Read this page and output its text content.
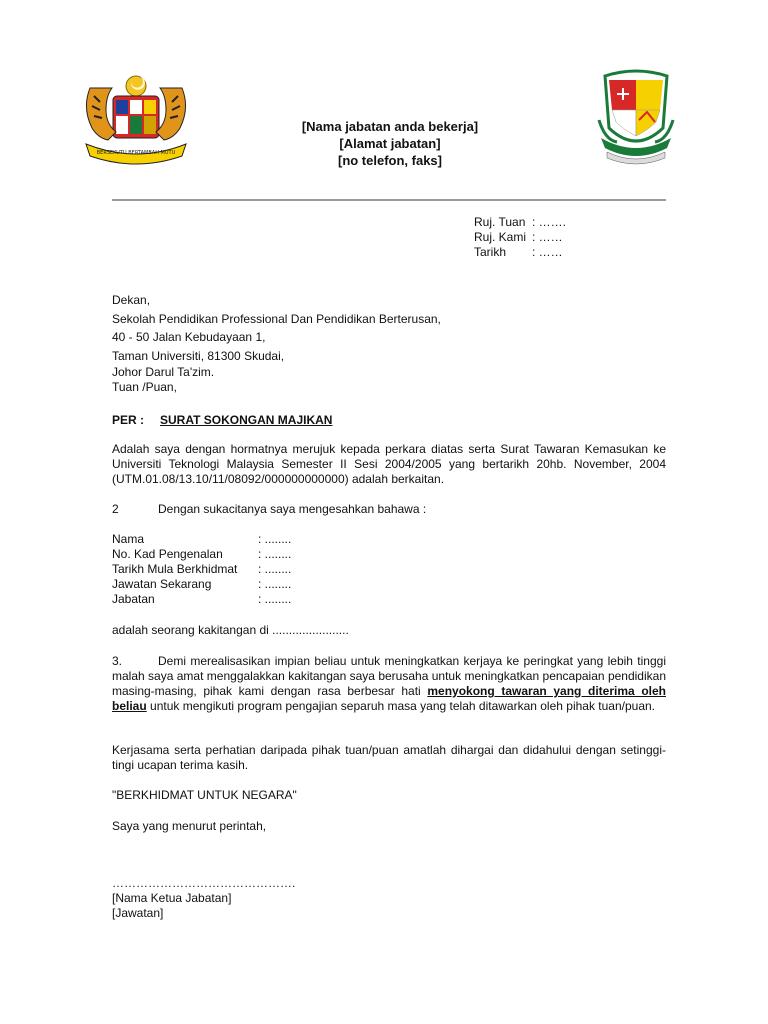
BERSEKUTU BERTAMBAH MUTU
[Nama jabatan anda bekerja]
[Alamat jabatan]
[no telefon, faks]
Ruj. Tuan : …….
Ruj. Kami : ……
Tarikh	: ……
Dekan,
Sekolah Pendidikan Professional Dan Pendidikan Berterusan,
40 - 50 Jalan Kebudayaan 1,
Taman Universiti, 81300 Skudai,
Johor Darul Ta'zim.
Tuan /Puan,
PER : SURAT SOKONGAN MAJIKAN
Adalah saya dengan hormatnya merujuk kepada perkara diatas serta Surat Tawaran Kemasukan ke Universiti Teknologi Malaysia Semester II Sesi 2004/2005 yang bertarikh 20hb. November, 2004 (UTM.01.08/13.10/11/08092/000000000000) adalah berkaitan.
2	Dengan sukacitanya saya mengesahkan bahawa :
Nama	: ........
No. Kad Pengenalan	: ........
Tarikh Mula Berkhidmat	: ........
Jawatan Sekarang	: ........
Jabatan	: ........
adalah seorang kakitangan di .......................
3.	Demi merealisasikan impian beliau untuk meningkatkan kerjaya ke peringkat yang lebih tinggi malah saya amat menggalakkan kakitangan saya berusaha untuk meningkatkan pencapaian pendidikan masing-masing, pihak kami dengan rasa berbesar hati menyokong tawaran yang diterima oleh beliau untuk mengikuti program pengajian separuh masa yang telah ditawarkan oleh pihak tuan/puan.
Kerjasama serta perhatian daripada pihak tuan/puan amatlah dihargai dan didahului dengan setinggi-tingi ucapan terima kasih.
"BERKHIDMAT UNTUK NEGARA"
Saya yang menurut perintah,
……………………………………….
[Nama Ketua Jabatan]
[Jawatan]
